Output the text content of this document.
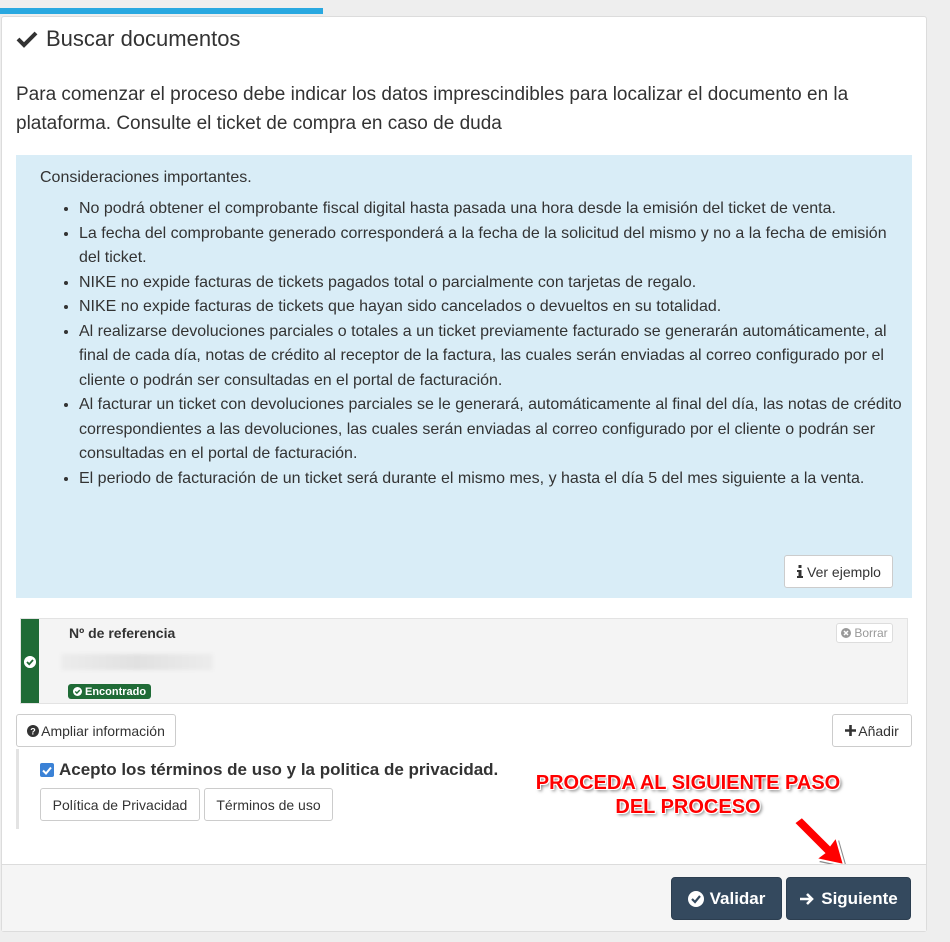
Buscar documentos
Para comenzar el proceso debe indicar los datos imprescindibles para localizar el documento en la plataforma. Consulte el ticket de compra en caso de duda
Consideraciones importantes.
• No podrá obtener el comprobante fiscal digital hasta pasada una hora desde la emisión del ticket de venta.
• La fecha del comprobante generado corresponderá a la fecha de la solicitud del mismo y no a la fecha de emisión del ticket.
• NIKE no expide facturas de tickets pagados total o parcialmente con tarjetas de regalo.
• NIKE no expide facturas de tickets que hayan sido cancelados o devueltos en su totalidad.
• Al realizarse devoluciones parciales o totales a un ticket previamente facturado se generarán automáticamente, al final de cada día, notas de crédito al receptor de la factura, las cuales serán enviadas al correo configurado por el cliente o podrán ser consultadas en el portal de facturación.
• Al facturar un ticket con devoluciones parciales se le generará, automáticamente al final del día, las notas de crédito correspondientes a las devoluciones, las cuales serán enviadas al correo configurado por el cliente o podrán ser consultadas en el portal de facturación.
• El periodo de facturación de un ticket será durante el mismo mes, y hasta el día 5 del mes siguiente a la venta.
Ver ejemplo
Nº de referencia
Encontrado
Borrar
? Ampliar información	Añadir
Acepto los términos de uso y la politica de privacidad.
Política de Privacidad	Términos de uso
PROCEDA AL SIGUIENTE PASO
DEL PROCESO
Validar	Siguiente
